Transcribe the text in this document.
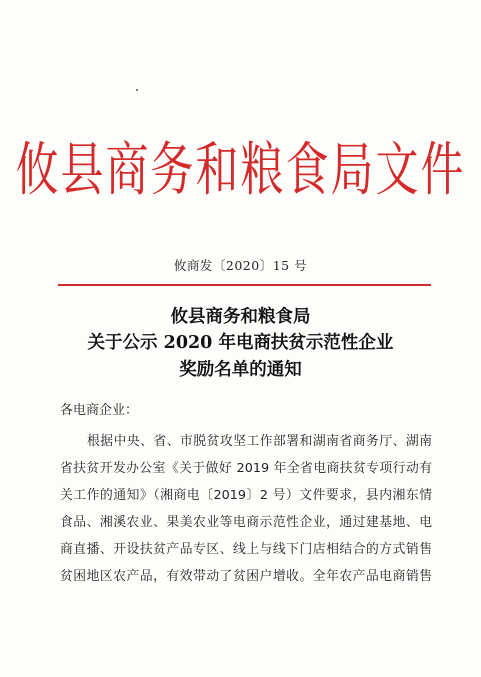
攸县商务和粮食局文件
攸商发〔2020〕15 号
攸县商务和粮食局
关于公示 2020 年电商扶贫示范性企业
奖励名单的通知
各电商企业：
根据中央、省、市脱贫攻坚工作部署和湖南省商务厅、湖南
省扶贫开发办公室《关于做好 2019 年全省电商扶贫专项行动有
关工作的通知》（湘商电〔2019〕2 号）文件要求，县内湘东情
食品、湘溪农业、果美农业等电商示范性企业，通过建基地、电
商直播、开设扶贫产品专区、线上与线下门店相结合的方式销售
贫困地区农产品，有效带动了贫困户增收。全年农产品电商销售
